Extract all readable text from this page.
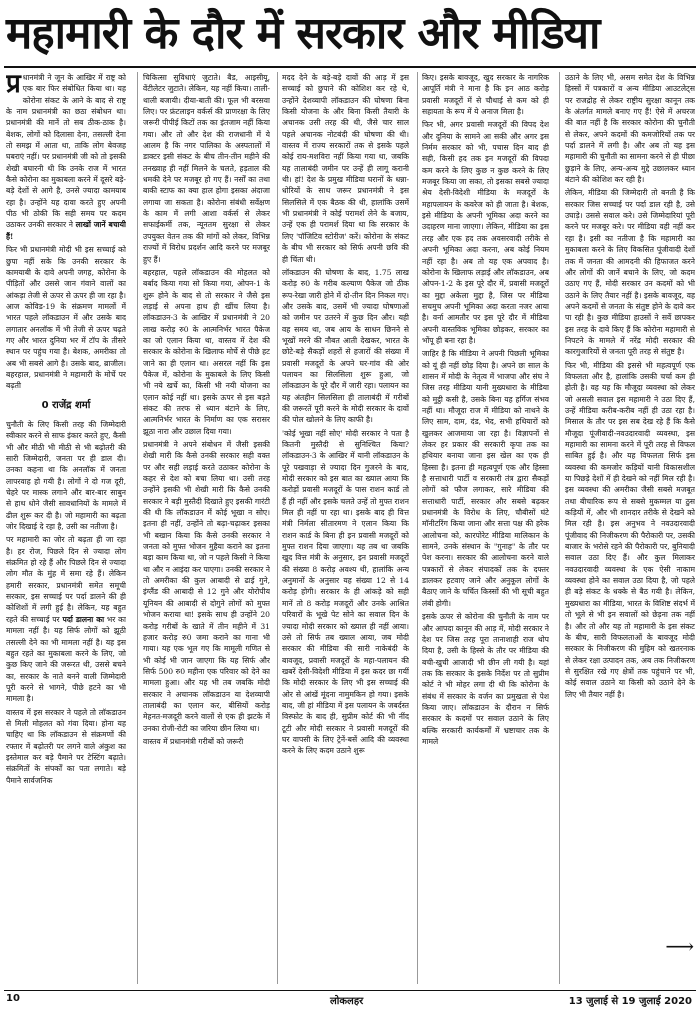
महामारी के दौर में सरकार और मीडिया

प्र धानमंत्री ने जून के आखिर में राष्ट्र को एक बार फिर संबोधित किया था। यह कोरोना संकट के आने के बाद से राष्ट्र के नाम प्रधानमंत्री का छठा संबोधन था। प्रधानमंत्री की मानें तो सब ठीक-ठाक है। बेशक, लोगों को दिलासा देना, तसल्ली देना तो समझ में आता था, ताकि लोग बेवजह घबराएं नहीं। पर प्रधानमंत्री जी को तो इसकी शेखी बघारनी थी कि उनके राज में भारत कैसे कोरोना का मुकाबला करने में दूसरे बड़े-बड़े देशों से आगे है, उनसे ज्यादा कामयाब रहा है। उन्होंने यह दावा करते हुए अपनी पीठ भी ठोकी कि सही समय पर कदम उठाकर उनकी सरकार ने लाखों जानें बचायी हैं!

फिर भी प्रधानमंत्री मोदी भी इस सच्चाई को छुपा नहीं सके कि उनकी सरकार के कामयाबी के दावे अपनी जगह, कोरोना के पीड़ितों और उससे जान गंवाने वालों का आंकड़ा तेजी से ऊपर से ऊपर ही जा रहा है। आज कोविड-19 के संक्रमण मामलों में भारत पहले लॉकडाउन में और उसके बाद लगातार अनलॉक में भी तेजी से ऊपर चढ़ते गए और भारत दुनिया भर में टॉप के तीसरे स्थान पर पहुंच गया है। बेशक, अमरीका तो अब भी सबसे आगे है। उसके बाद, ब्राजील। बहरहाल, प्रधानमंत्री ने महामारी के मोर्चे पर बढ़ती

0 राजेंद्र शर्मा

चुनौती के लिए किसी तरह की जिम्मेदारी स्वीकार करने से साफ इंकार करते हुए, कैसी भी और मीठी भी मीठी से भी बढ़ोतरी की सारी जिम्मेदारी, जनता पर ही डाल दी। उनका कहना था कि अनलॉक में जनता लापरवाह हो गयी है। लोगों ने दो गज दूरी, चेहरे पर मास्क लगाने और बार-बार साबुन से हाथ धोने जैसी सावधानियों के मामले में ढील शुरू कर दी है। जो महामारी का बढ़ता जोर दिखाई दे रहा है, उसी का नतीजा है।

पर महामारी का जोर तो बढ़ता ही जा रहा है। हर रोज, पिछले दिन से ज्यादा लोग संक्रमित हो रहे हैं और पिछले दिन से ज्यादा लोग मौत के मुंह में समा रहे हैं। लेकिन हमारी सरकार, प्रधानमंत्री समेत समूची सरकार, इस सच्चाई पर पर्दा डालने की ही कोशिशों में लगी हुई है। लेकिन, यह बहुत रहते की सच्चाई पर पर्दा डालना का भर का मामला नहीं है। यह सिर्फ लोगों को झूठी तसल्ली देने का भी मामला नहीं है। यह इस बहुत रहते का मुकाबला करने के लिए, जो कुछ किए जाने की जरूरत थी, उससे बचने का, सरकार के नाते बनने वाली जिम्मेदारी पूरी करने से भागने, पीछे हटने का भी मामला है।

वास्तव में इस सरकार ने पहले तो लॉकडाउन से मिली मोहलत को गंवा दिया। होना यह चाहिए था कि लॉकडाउन से संक्रमणों की रफ्तार में बढ़ोतरी पर लगने वाले अंकुश का इस्तेमाल कर बड़े पैमाने पर टेस्टिंग बढ़ाते। संक्रमितों के संपर्कों का पता लगाते। बड़े पैमाने सार्वजनिक

चिकित्सा सुविधाएं जुटाते। बैड, आइसीयू, वेंटीलेटर जुटाते। लेकिन, यह नहीं किया। ताली-थाली बजायी। दीया-बाती की। फूल भी बरसवा लिए। पर फ्रंटलाइन वर्कर्स की प्राणरक्षा के लिए जरूरी पीपीई किटों तक का इंतजाम नहीं किया गया। और तो और देश की राजधानी में ये आलम है कि नगर पालिका के अस्पतालों में डाक्टर इसी संकट के बीच तीन-तीन महीने की तनख्वाह ही नहीं मिलने के चलते, हड़ताल की धमकी देने पर मजबूर हो गए हैं। नर्सों का तथा बाकी स्टाफ का क्या हाल होगा इसका अंदाजा लगाया जा सकता है। कोरोना संबंधी सर्वेक्षण के काम में लगी आशा वर्कर्स से लेकर सफाईकर्मी तक, न्यूनतम सुरक्षा से लेकर उपयुक्त वेतन तक की मांगों को लेकर, विभिन्न राज्यों में विरोध प्रदर्शन आदि करने पर मजबूर हुए हैं।

बहरहाल, पहले लॉकडाउन की मोहलत को बर्बाद किया गया सो किया गया, ओपन-1 के शुरू होने के बाद से तो सरकार ने जैसे इस लड़ाई से अपना हाथ ही खींच लिया है। लॉकडाउन-3 के आखिर में प्रधानमंत्री ने 20 लाख करोड़ रु0 के आत्मनिर्भर भारत पैकेज का जो एलान किया था, वास्तव में देश की सरकार के कोरोना के खिलाफ मोर्चे से पीछे हट जाने का ही एलान था। असरल नहीं कि इस पैकेज में, कोरोना के मुकाबले के लिए किसी भी नये खर्चे का, किसी भी नयी योजना का एलान कोई नहीं था। इसके ऊपर से इस बड़ते संकट की तरफ से ध्यान बंटाने के लिए, आत्मनिर्भर भारत के निर्माण का एक सरासर झूठा नारा और उछाल दिया गया।

प्रधानमंत्री ने अपने संबोधन में जैसी इसकी शेखी मारी कि कैसे उनकी सरकार सही वक्त पर और सही लड़ाई करते उठाकर कोरोना के कहर से देश को बचा लिया था। उसी तरह उन्होंने इसकी भी शेखी मारी कि कैसे उनकी सरकार ने बड़ी मुस्तैदी दिखाते हुए इसकी गारंटी की थी कि लॉकडाउन में कोई भूखा न सोए। इतना ही नहीं, उन्होंने तो बढ़ा-चढ़ाकर इसका भी बखान किया कि कैसे उनकी सरकार ने जनता को मुफ्त भोजन मुहैया कराने का इतना बड़ा काम किया था, जो न पहले किसी ने किया था और न आइंदा कर पाएगा। उनकी सरकार ने तो अमरीका की कुल आबादी से ढाई गुने, इंग्लैंड की आबादी से 12 गुने और योरोपीय यूनियन की आबादी से दोगुने लोगों को मुफ्त भोजन कराया था! इसके साथ ही उन्होंने 20 करोड़ गरीबों के खाते में तीन महीने में 31 हजार करोड़ रु0 जमा कराने का गाना भी गाया। यह एक भूल गए कि मामूली गणित से भी कोई भी जान जाएगा कि यह सिर्फ और सिर्फ 500 रु0 महीना एक परिवार को देने का मामला हुआ। और यह भी तब जबकि मोदी सरकार ने अचानक लॉकडाउन या देशव्यापी तालाबंदी का एलान कर, बीसियों करोड़ मेहनत-मजदूरी करने वालों से एक ही झटके में उनका रोजी-रोटी का जरिया छीन लिया था।

वास्तव में प्रधानमंत्री गरीबों को जरूरी

मदद देने के बड़े-बड़े दावों की आड़ में इस सच्चाई को छुपाने की कोशिश कर रहे थे, उन्होंने देशव्यापी लॉकडाउन की घोषणा बिना किसी योजना के और बिना किसी तैयारी के अचानक उसी तरह की थी, जैसे चार साल पहले अचानक नोटबंदी की घोषणा की थी। वास्तव में राज्य सरकारों तक से इसके पहले कोई राय-मशविरा नहीं किया गया था, जबकि यह तालाबंदी जमीन पर उन्हें ही लागू करानी थी। हां! देश के प्रमुख मीडिया घरानों के धन्ना-धोरियों के साथ जरूर प्रधानमंत्री ने इस सिलसिले में एक बैठक की थी, हालांकि उसमें भी प्रधानमंत्री ने कोई परामर्श लेने के बजाय, उन्हें एक ही परामर्श दिया था कि सरकार के लिए 'पॉजिटिव स्टोरीज' करें। कोरोना के संकट के बीच भी सरकार को सिर्फ अपनी छवि की ही चिंता थी।

लॉकडाउन की घोषणा के बाद, 1.75 लाख करोड़ रु0 के गरीब कल्याण पैकेज जो ठीक रूप-रेखा जारी होने में दो-तीन दिन निकल गए। और उसके बाद, उसमें भी ज्यादा घोषणाओं को जमीन पर उतरने में कुछ दिन और। यही वह समय था, जब आय के साधन छिनने से भूखों मरने की नौबत आती देखकर, भारत के छोटे-बड़े सैकड़ों शहरों से हजारों की संख्या में प्रवासी मजदूरों के अपने घर-गांव की ओर पलायन का सिलसिला शुरू हुआ, जो लॉकडाउन के पूरे दौर में जारी रहा। पलायन का यह अंतहीन सिलसिला ही तालाबंदी में गरीबों की जरूरतें पूरी करने के मोदी सरकार के दावों की पोल खोलने के लिए काफी है।

'कोई भूखा नहीं सोए' मोदी सरकार ने पता है कितनी मुस्तैदी से सुनिश्चित किया? लॉकडाउन-3 के आखिर में यानी लॉकडाउन के पूरे पखवाड़ा से ज्यादा दिन गुजरने के बाद, मोदी सरकार को इस बात का ख्याल आया कि करोड़ों प्रवासी मजदूरों के पास राशन कार्ड तो हैं ही नहीं और इसके चलते उन्हें तो मुफ्त राशन मिल ही नहीं पा रहा था। इसके बाद ही वित्त मंत्री निर्मला सीतारमण ने एलान किया कि राशन कार्ड के बिना ही इन प्रवासी मजदूरों को मुफ्त राशन दिया जाएगा। यह तब था जबकि खुद वित्त मंत्री के अनुसार, इन प्रवासी मजदूरों की संख्या 8 करोड़ अवश्य थी, हालांकि अन्य अनुमानों के अनुसार यह संख्या 12 से 14 करोड़ होगी। सरकार के ही आंकड़े को सही मानें तो 8 करोड़ मजदूरों और उनके आश्रित परिवारों के भूखे पेट सोने का सवाल दिन के ज्यादा मोदी सरकार को ख्याल ही नहीं आया। उसे तो सिर्फ तब ख्याल आया, जब मोदी सरकार की मीडिया की सारी नाकेबंदी के बावजूद, प्रवासी मजदूरों के महा-पलायन की खबरें देसी-विदेशी मीडिया में इस कदर छा गयीं कि मोदी सरकार के लिए भी इस सच्चाई की ओर से आंखें मूंदना नामुमकिन हो गया। इसके बाद, जी हां मीडिया में इस पलायन के जबर्दस्त विस्फोट के बाद ही, सुप्रीम कोर्ट की भी नींद टूटी और मोदी सरकार ने प्रवासी मजदूरों की घर वापसी के लिए ट्रेनें-बसें आदि की व्यवस्था करने के लिए कदम उठाने शुरू

किए। इसके बावजूद, खुद सरकार के नागरिक आपूर्ति मंत्री ने माना है कि इन आठ करोड़ प्रवासी मजदूरों में से चौथाई से कम को ही सहायता के रूप में ये अनाज मिला है।

फिर भी, अगर प्रवासी मजदूरों की विपद देश और दुनिया के सामने आ सकी और अगर इस निर्मम सरकार को भी, पचास दिन बाद ही सही, किसी हद तक इन मजदूरों की विपदा कम करने के लिए कुछ न कुछ करने के लिए मजबूर किया जा सका, तो इसका सबसे ज्यादा श्रेय देसी-विदेशी मीडिया के मजदूरों के महापलायन के कवरेज को ही जाता है। बेशक, इसे मीडिया के अपनी भूमिका अदा करने का उदाहरण माना जाएगा। लेकिन, मीडिया का इस तरह और एक हद तक अवसरवादी तरीके से अपनी भूमिका अदा करना, अब कोई नियम नहीं रहा है। अब तो यह एक अपवाद है। कोरोना के खिलाफ लड़ाई और लॉकडाउन, अब ओपन-1-2 के इस पूरे दौर में, प्रवासी मजदूरों का मुद्दा अकेला मुद्दा है, जिस पर मीडिया सचमुच अपनी भूमिका अदा करता नजर आया है। वर्ना आमतौर पर इस पूरे दौर में मीडिया अपनी वास्तविक भूमिका छोड़कर, सरकार का भोंपू ही बना रहा है।

जाहिर है कि मीडिया ने अपनी पिछली भूमिका को यूं ही नहीं छोड़ दिया है। अपने छः साल के शासन में मोदी के नेतृत्व में भाजपा और संघ ने जिस तरह मीडिया यानी मुख्यधारा के मीडिया को मुट्ठी कसी है, उसके बिना यह हर्गिज संभव नहीं था। मौजूदा राज में मीडिया को नाथने के लिए साम, दाम, दंड, भेद, सभी हथियारों को खुलकर आजमाया जा रहा है। विज्ञापनों से लेकर हर प्रकार की सरकारी कृपा तक का हथियार बनाया जाना इस खेल का एक ही हिस्सा है। इतना ही महत्वपूर्ण एक और हिस्सा है सत्ताधारी पार्टी व सरकारी तंत्र द्वारा सैकड़ों लोगों को फौज लगाकर, सारे मीडिया की सत्ताधारी पार्टी, सरकार और सबसे बढ़कर प्रधानमंत्री के विरोध के लिए, चौबीसों घंटे मॉनीटरिंग किया जाना और सत्ता पक्ष की हरेक आलोचना को, कारपोरेट मीडिया मालिकान के सामने, उनके संस्थान के "गुनाह" के तौर पर पेश करना। सरकार की आलोचना करने वाले पत्रकारों से लेकर संपादकों तक के दफ्तर डालकर हटवाए जाने और अनुकूल लोगों के बैठाए जाने के चर्चित किस्सों की भी सूची बहुत लंबी होगी।

इसके ऊपर से कोरोना की चुनौती के नाम पर और आपदा कानून की आड़ में, मोदी सरकार ने देश पर जिस तरह पूरा तानाशाही राज थोप दिया है, उसी के हिस्से के तौर पर मीडिया की बची-खुची आजादी भी छीन ली गयी है। यहां तक कि सरकार के इसके निर्देश पर तो सुप्रीम कोर्ट ने भी मोहर लगा दी थी कि कोरोना के संबंध में सरकार के वर्जन का प्रमुखता से पेश किया जाए। लॉकडाउन के दौरान न सिर्फ सरकार के कदमों पर सवाल उठाने के लिए बल्कि सरकारी कार्यकर्मों में भ्रष्टाचार तक के मामले

उठाने के लिए भी, असम समेत देश के विभिन्न हिस्सों में पत्रकारों व अन्य मीडिया आउटलेट्स पर राजद्रोह से लेकर राष्ट्रीय सुरक्षा कानून तक के अंतर्गत मामले बनाए गए हैं! ऐसे में अचरज की बात नहीं है कि सरकार कोरोना की चुनौती से लेकर, अपने कदमों की कमजोरियों तक पर पर्दा डालने में लगी है। और अब तो यह इस महामारी की चुनौती का सामना करने से ही पीछा छुड़ाने के लिए, अन्य-अन्य मुद्दे उछालकर ध्यान बंटाने की कोशिश कर रही है।

लेकिन, मीडिया की जिम्मेदारी तो बनती है कि सरकार जिस सच्चाई पर पर्दा डाल रही है, उसे उघाड़े। उससे सवाल करे। उसे जिम्मेदारियां पूरी करने पर मजबूर करे। पर मीडिया वही नहीं कर रहा है। इसी का नतीजा है कि महामारी का मुकाबला करने के लिए विकसित पूंजीवादी देशों तक में जनता की आमदनी की हिफाजत करने और लोगों की जानें बचाने के लिए, जो कदम उठाए गए हैं, मोदी सरकार उन कदमों को भी उठाने के लिए तैयार नहीं है। इसके बावजूद, वह अपने कदमों से जनता के संतुष्ट होने के दावे कर पा रही है। कुछ मीडिया हाउसों ने सर्वे छापकर इस तरह के दावे किए हैं कि कोरोना महामारी से निपटने के मामले में नरेंद्र मोदी सरकार की कारगुजारियों से जनता पूरी तरह से संतुष्ट है।

फिर भी, मीडिया की इससे भी महत्वपूर्ण एक विफलता और है, हालांकि उसकी चर्चा कम ही होती है। वह यह कि मौजूदा व्यवस्था को लेकर जो असली सवाल इस महामारी ने उठा दिए हैं, उन्हें मीडिया करीब-करीब नहीं ही उठा रहा है। मिसाल के तौर पर इस सब देख रहे हैं कि कैसे मौजूदा पूंजीवादी-नवउदारवादी व्यवस्था, इस महामारी का सामना करने में पूरी तरह से विफल साबित हुई है। और यह विफलता सिर्फ इस व्यवस्था की कमजोर कड़ियों यानी विकासशील या पिछड़े देशों में ही देखने को नहीं मिल रही है। इस व्यवस्था की अमरीका जैसी सबसे मजबूत तथा बीचारिक रूप से सबसे मुकम्मल या ठुस कड़ियों में, और भी शानदार तरीके से देखने को मिल रही है। इस अनुभव ने नवउदारवादी पूंजीवाद की निजीकरण की पैरोकारी पर, उसकी बाजार के भरोसे रहने की पैरोकारी पर, बुनियादी सवाल उठा दिए हैं। और कुल मिलाकर नवउदारवादी व्यवस्था के एक ऐसी नाकाम व्यवस्था होने का सवाल उठा दिया है, जो पहले ही बड़े संकट के धक्के से बैठ गयी है। लेकिन, मुख्यधारा का मीडिया, भारत के विशिष्ट संदर्भ में तो भूले से भी इन सवालों को छेड़ना तक नहीं है। और तो और यह तो महामारी के इस संकट के बीच, सारी विफलताओं के बावजूद मोदी सरकार के निजीकरण की मुहिम को खतरनाक से लेकर रक्षा उत्पादन तक, अब तक निजीकरण से सुरक्षित रखे गए क्षेत्रों तक पहुंचाने पर भी, कोई सवाल उठाने या किसी को उठाने देने के लिए भी तैयार नहीं है।

⟶
10	लोकलहर	13 जुलाई से 19 जुलाई 2020
